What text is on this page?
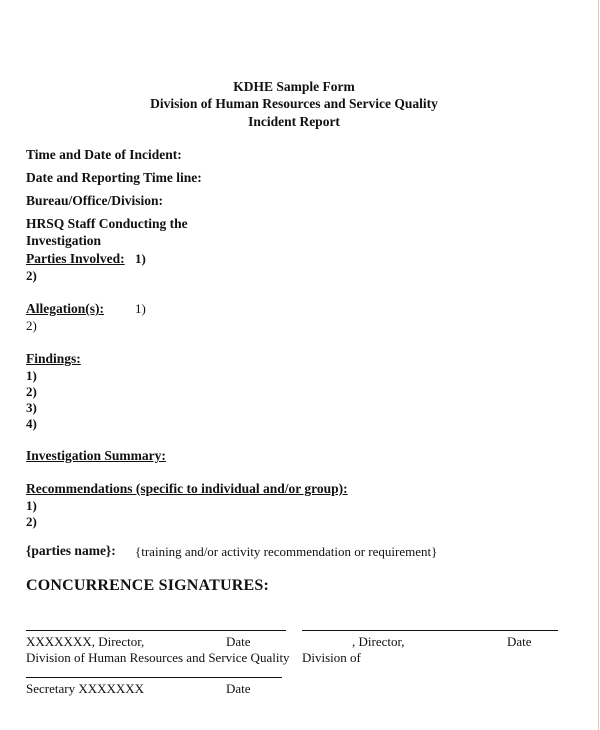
KDHE Sample Form
Division of Human Resources and Service Quality
Incident Report
Time and Date of Incident:
Date and Reporting Time line:
Bureau/Office/Division:
HRSQ Staff Conducting the
Investigation
Parties Involved: 1)
2)
Allegation(s): 1)
2)
Findings:
1)
2)
3)
4)
Investigation Summary:
Recommendations (specific to individual and/or group):
1)
2)
{parties name}: {training and/or activity recommendation or requirement}
CONCURRENCE SIGNATURES:
XXXXXXX, Director,	Date
Division of Human Resources and Service Quality
, Director,	Date
Division of
Secretary XXXXXXX	Date
